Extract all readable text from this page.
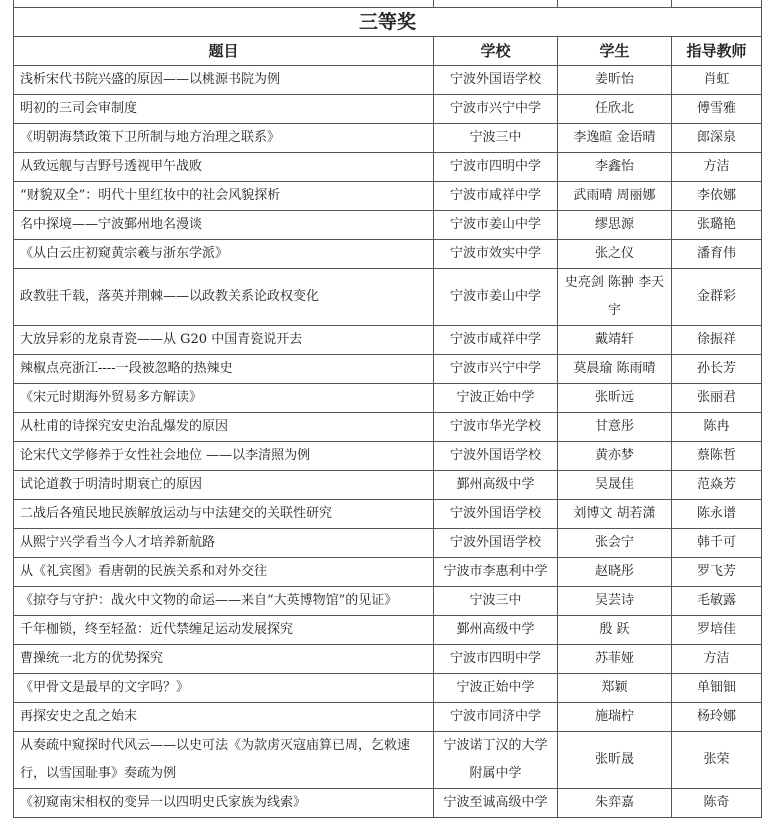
三等奖			
题目	学校	学生	指导教师
浅析宋代书院兴盛的原因——以桃源书院为例	宁波外国语学校	姜昕怡	肖虹
明初的三司会审制度	宁波市兴宁中学	任欣北	傅雪雅
《明朝海禁政策下卫所制与地方治理之联系》	宁波三中	李逸暄 金语晴	郎深泉
从致远舰与吉野号透视甲午战败	宁波市四明中学	李鑫怡	方洁
“财貌双全”：明代十里红妆中的社会风貌探析	宁波市咸祥中学	武雨晴 周丽娜	李依娜
名中探境——宁波鄞州地名漫谈	宁波市姜山中学	缪思源	张璐艳
《从白云庄初窥黄宗羲与浙东学派》	宁波市效实中学	张之仪	潘育伟
政教驻千载，落英并荆棘——以政教关系论政权变化	宁波市姜山中学	史亮剑 陈翀 李天宇	金群彩
大放异彩的龙泉青瓷——从 G20 中国青瓷说开去	宁波市咸祥中学	戴靖轩	徐振祥
辣椒点亮浙江----一段被忽略的热辣史	宁波市兴宁中学	莫晨瑜 陈雨晴	孙长芳
《宋元时期海外贸易多方解读》	宁波正始中学	张昕远	张丽君
从杜甫的诗探究安史治乱爆发的原因	宁波市华光学校	甘意彤	陈冉
论宋代文学修养于女性社会地位 ——以李清照为例	宁波外国语学校	黄亦梦	蔡陈哲
试论道教于明清时期衰亡的原因	鄞州高级中学	吴晟佳	范焱芳
二战后各殖民地民族解放运动与中法建交的关联性研究	宁波外国语学校	刘博文 胡若潇	陈永谱
从熙宁兴学看当今人才培养新航路	宁波外国语学校	张会宁	韩千可
从《礼宾图》看唐朝的民族关系和对外交往	宁波市李惠利中学	赵晓彤	罗飞芳
《掠夺与守护：战火中文物的命运——来自“大英博物馆”的见证》	宁波三中	吴芸诗	毛敏露
千年枷锁，终至轻盈：近代禁缠足运动发展探究	鄞州高级中学	殷 跃	罗培佳
曹操统一北方的优势探究	宁波市四明中学	苏菲娅	方洁
《甲骨文是最早的文字吗？》	宁波正始中学	郑颖	单钿钿
再探安史之乱之始末	宁波市同济中学	施瑞柠	杨玲娜
从奏疏中窥探时代风云——以史可法《为款虏灭寇庙算已周，乞敕速行，以雪国耻事》奏疏为例	宁波诺丁汉的大学附属中学	张昕晟	张荣
《初窥南宋相权的变异一以四明史氏家族为线索》	宁波至诚高级中学	朱弈嘉	陈奇
